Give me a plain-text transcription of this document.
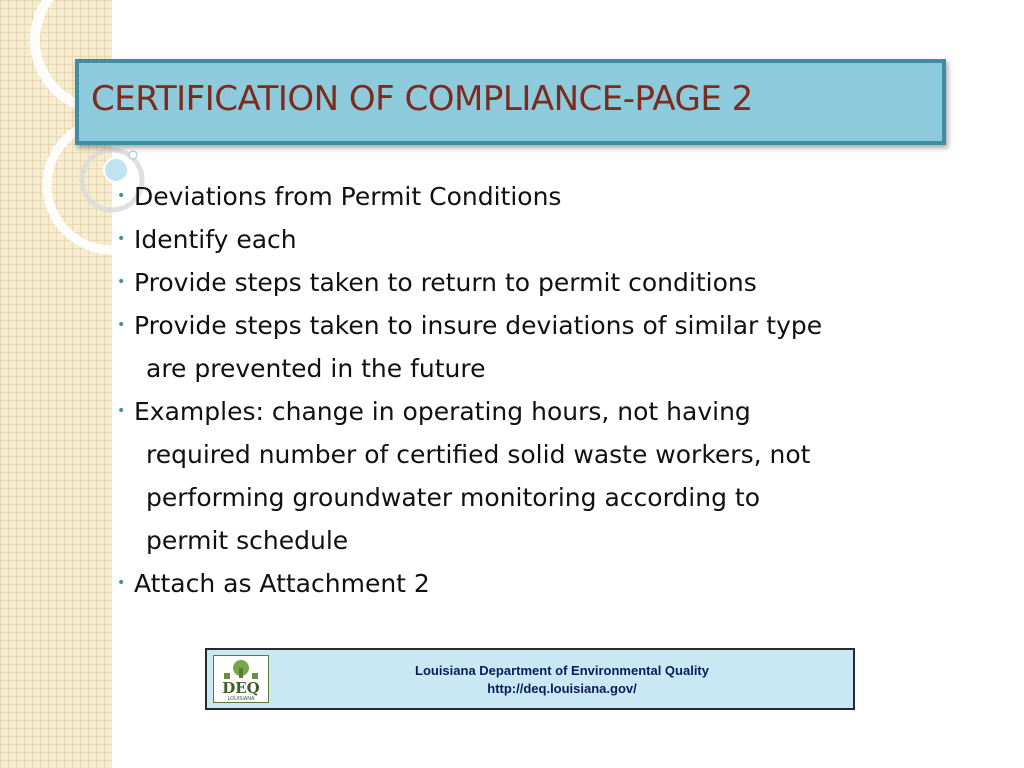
CERTIFICATION OF COMPLIANCE-PAGE 2
• Deviations from Permit Conditions
• Identify each
• Provide steps taken to return to permit conditions
• Provide steps taken to insure deviations of similar type
are prevented in the future
• Examples: change in operating hours, not having
required number of certified solid waste workers, not
performing groundwater monitoring according to
permit schedule
• Attach as Attachment 2
DEQ
LOUISIANA
Louisiana Department of Environmental Quality
http://deq.louisiana.gov/
